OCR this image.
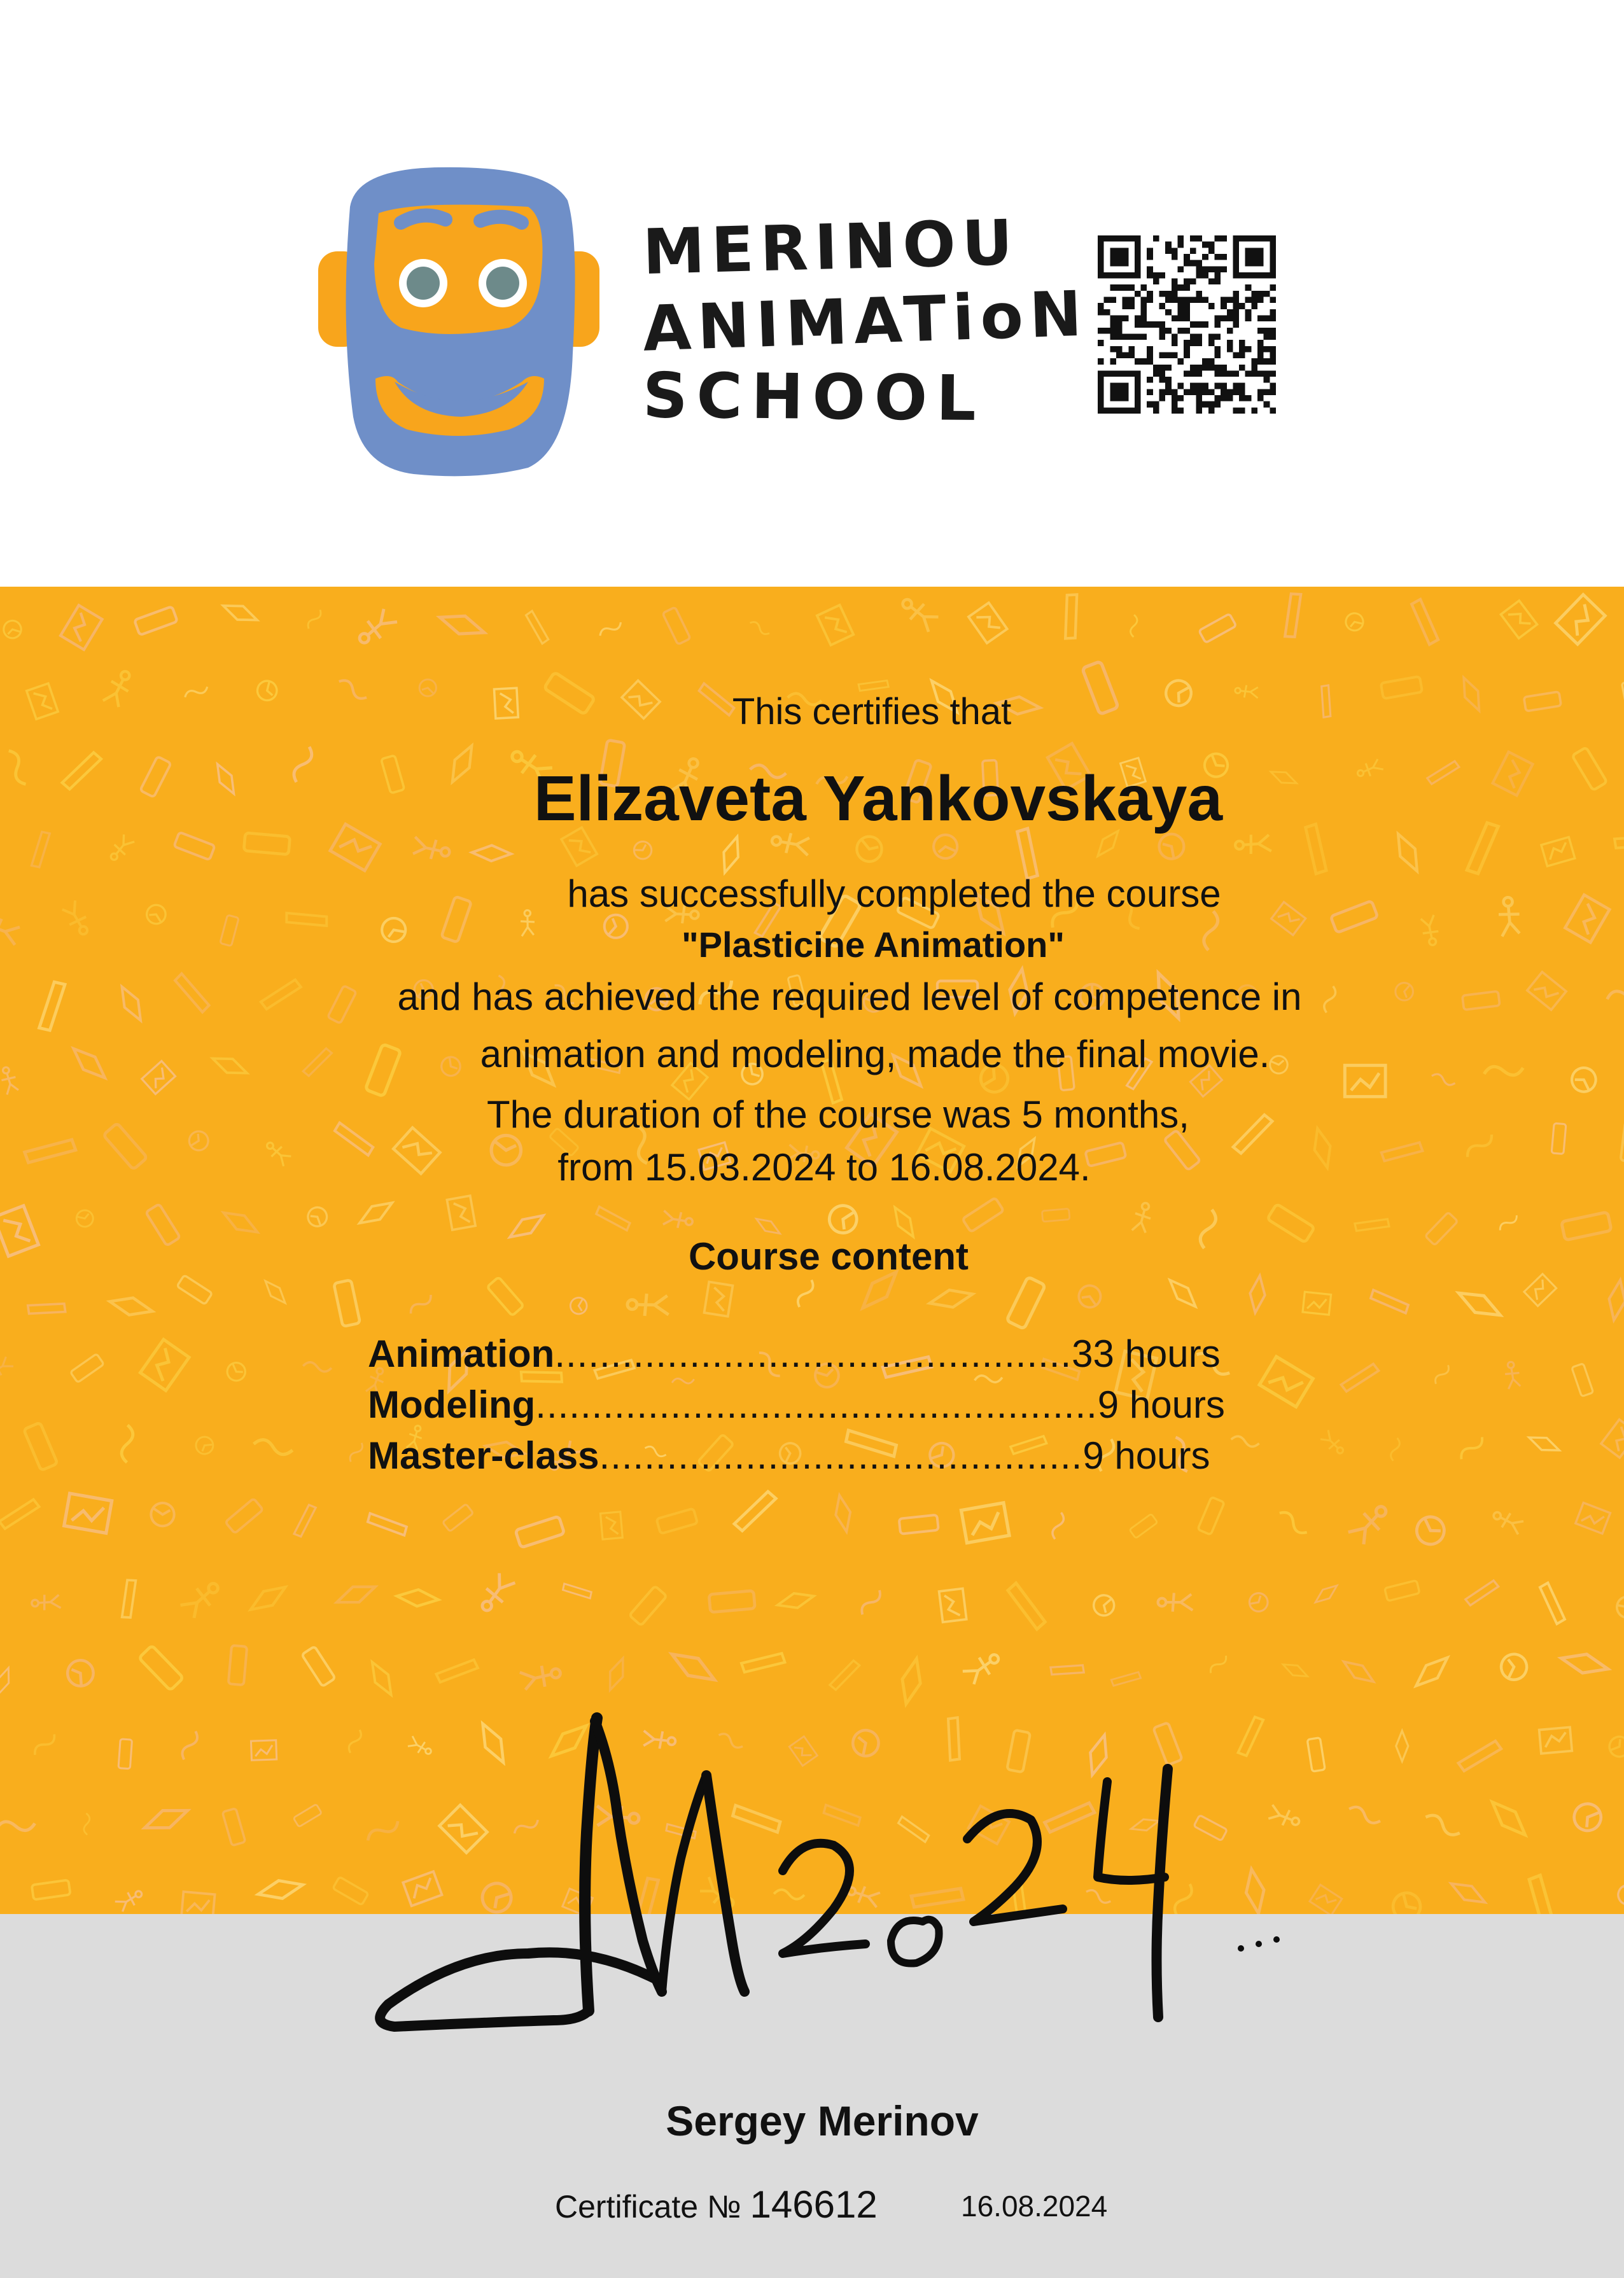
MERINOU
ANIMATioN
SCHOOL
This certifies that
Elizaveta Yankovskaya
has successfully completed the course
"Plasticine Animation"
and has achieved the required level of competence in
animation and modeling, made the final movie.
The duration of the course was 5 months,
from 15.03.2024 to 16.08.2024.
Course content
Animation .............................................. 33 hours
Modeling .................................................. 9 hours
Master-class ........................................... 9 hours
Sergey Merinov
Certificate № 146612	16.08.2024
